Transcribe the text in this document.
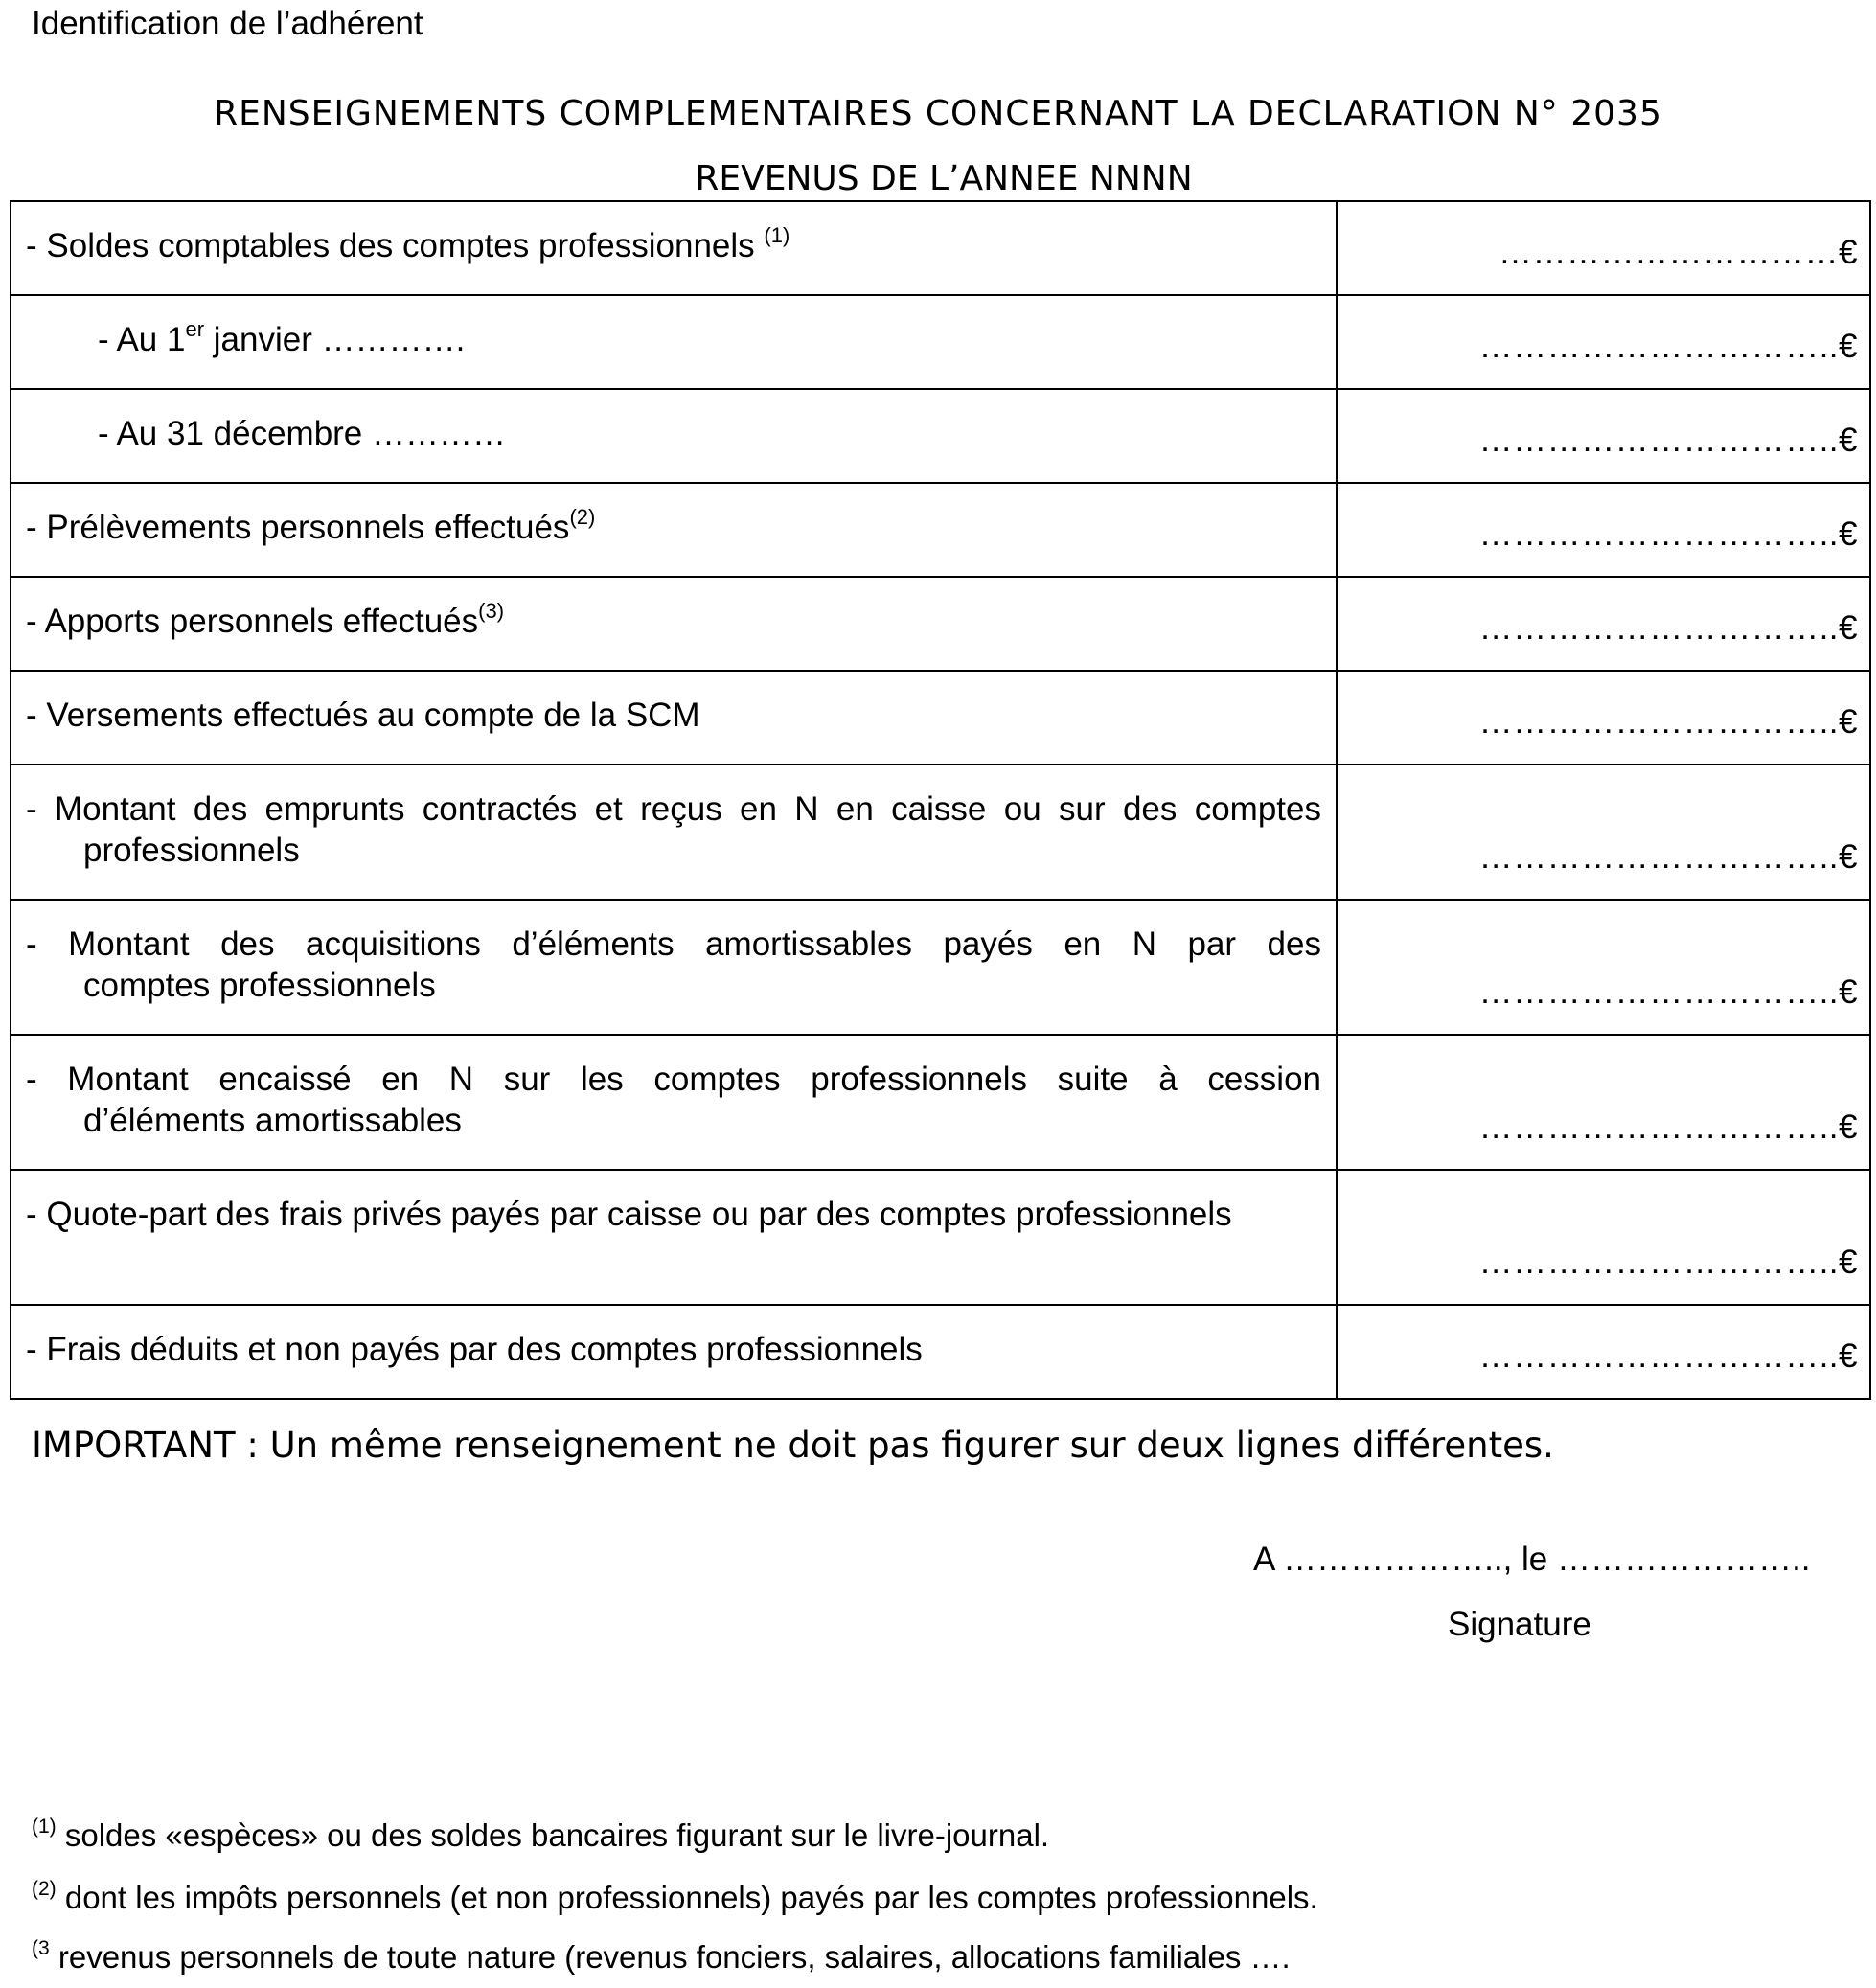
Identification de l’adhérent
RENSEIGNEMENTS COMPLEMENTAIRES CONCERNANT LA DECLARATION N° 2035
REVENUS DE L’ANNEE NNNN
- Soldes comptables des comptes professionnels $^{(1)}$	…………………………€

- Au 1er janvier ………….	…………………………..€

- Au 31 décembre …………	…………………………..€

- Prélèvements personnels effectués$^{(2)}$	…………………………..€

- Apports personnels effectués$^{(3)}$	…………………………..€

- Versements effectués au compte de la SCM	…………………………..€

- Montant des emprunts contractés et reçus en N en caisse ou sur des comptes
professionnels	…………………………..€

- Montant des acquisitions d’éléments amortissables payés en N par des
comptes professionnels	…………………………..€

- Montant encaissé en N sur les comptes professionnels suite à cession
d’éléments amortissables	…………………………..€

- Quote-part des frais privés payés par caisse ou par des comptes professionnels	…………………………..€

- Frais déduits et non payés par des comptes professionnels	…………………………..€
IMPORTANT : Un même renseignement ne doit pas figurer sur deux lignes différentes.
A ……………….., le …………………..
Signature
$^{(1)}$ soldes «espèces» ou des soldes bancaires figurant sur le livre-journal.
$^{(2)}$ dont les impôts personnels (et non professionnels) payés par les comptes professionnels.
$^{(3}$ revenus personnels de toute nature (revenus fonciers, salaires, allocations familiales ….
